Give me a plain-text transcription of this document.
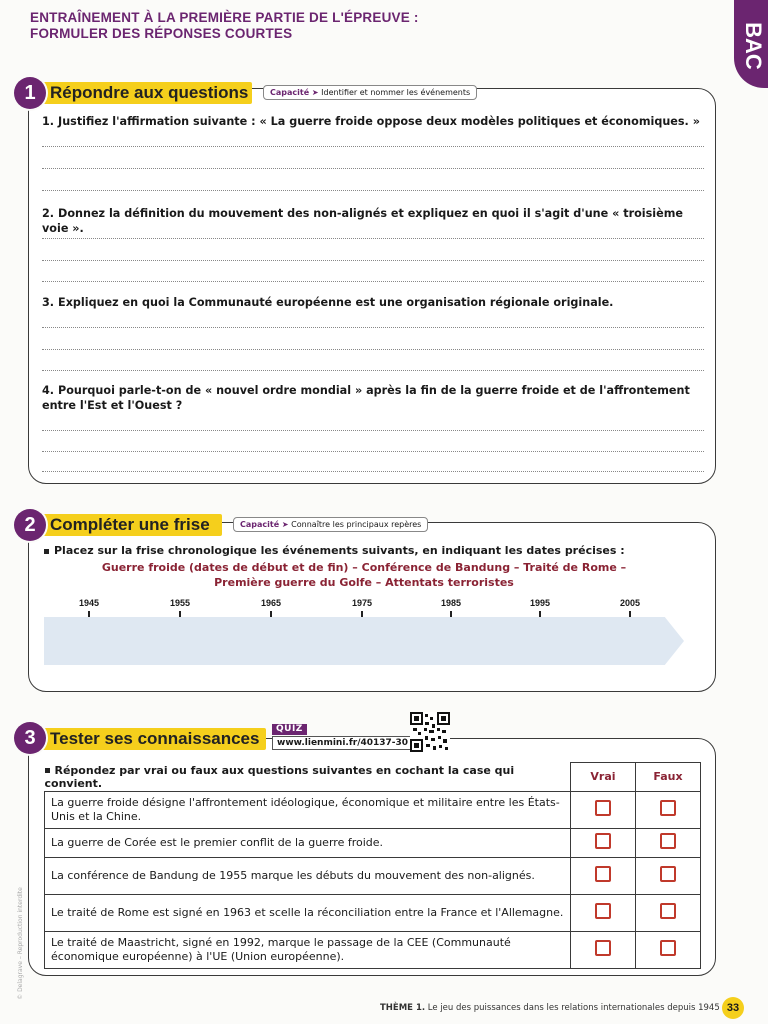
ENTRAÎNEMENT À LA PREMIÈRE PARTIE DE L'ÉPREUVE :
FORMULER DES RÉPONSES COURTES	BAC
© Delagrave – Reproduction interdite
1 Répondre aux questions	Capacité ➤ Identifier et nommer les événements
1. Justifiez l'affirmation suivante : « La guerre froide oppose deux modèles politiques et économiques. »
2. Donnez la définition du mouvement des non-alignés et expliquez en quoi il s'agit d'une « troisième voie ».
3. Expliquez en quoi la Communauté européenne est une organisation régionale originale.
4. Pourquoi parle-t-on de « nouvel ordre mondial » après la fin de la guerre froide et de l'affrontement entre l'Est et l'Ouest ?
2 Compléter une frise	Capacité ➤ Connaître les principaux repères
Placez sur la frise chronologique les événements suivants, en indiquant les dates précises :
Guerre froide (dates de début et de fin) – Conférence de Bandung – Traité de Rome –
Première guerre du Golfe – Attentats terroristes
1945	1955	1965	1975	1985	1995	2005
3 Tester ses connaissances	QUIZ
www.lienmini.fr/40137-30
Répondez par vrai ou faux aux questions suivantes en cochant la case qui convient.	Vrai	Faux
La guerre froide désigne l'affrontement idéologique, économique et militaire entre les États-Unis et la Chine.		
La guerre de Corée est le premier conflit de la guerre froide.		
La conférence de Bandung de 1955 marque les débuts du mouvement des non-alignés.		
Le traité de Rome est signé en 1963 et scelle la réconciliation entre la France et l'Allemagne.		
Le traité de Maastricht, signé en 1992, marque le passage de la CEE (Communauté économique européenne) à l'UE (Union européenne).		
THÈME 1. Le jeu des puissances dans les relations internationales depuis 1945 33
